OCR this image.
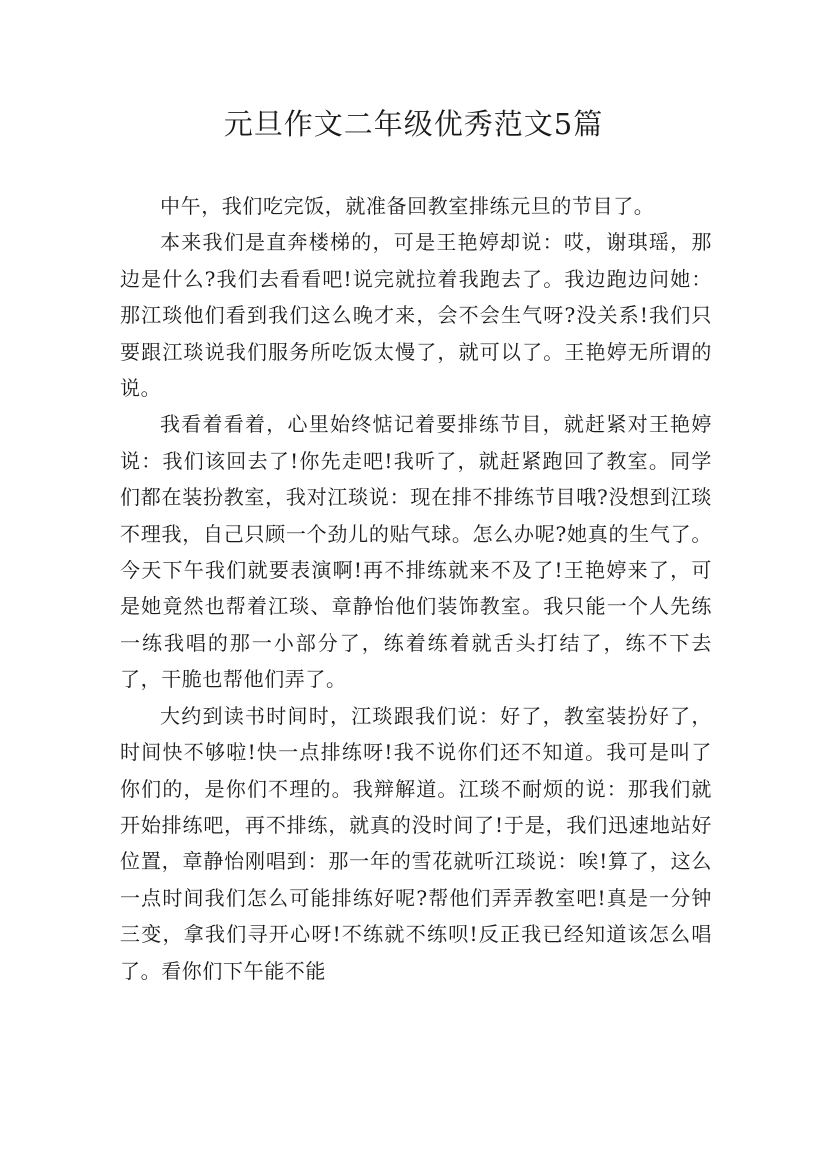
元旦作文二年级优秀范文5篇

中午，我们吃完饭，就准备回教室排练元旦的节目了。

本来我们是直奔楼梯的，可是王艳婷却说：哎，谢琪瑶，那边是什么?我们去看看吧!说完就拉着我跑去了。我边跑边问她：那江琰他们看到我们这么晚才来，会不会生气呀?没关系!我们只要跟江琰说我们服务所吃饭太慢了，就可以了。王艳婷无所谓的说。

我看着看着，心里始终惦记着要排练节目，就赶紧对王艳婷说：我们该回去了!你先走吧!我听了，就赶紧跑回了教室。同学们都在装扮教室，我对江琰说：现在排不排练节目哦?没想到江琰不理我，自己只顾一个劲儿的贴气球。怎么办呢?她真的生气了。今天下午我们就要表演啊!再不排练就来不及了!王艳婷来了，可是她竟然也帮着江琰、章静怡他们装饰教室。我只能一个人先练一练我唱的那一小部分了，练着练着就舌头打结了，练不下去了，干脆也帮他们弄了。

大约到读书时间时，江琰跟我们说：好了，教室装扮好了，时间快不够啦!快一点排练呀!我不说你们还不知道。我可是叫了你们的，是你们不理的。我辩解道。江琰不耐烦的说：那我们就开始排练吧，再不排练，就真的没时间了!于是，我们迅速地站好位置，章静怡刚唱到：那一年的雪花就听江琰说：唉!算了，这么一点时间我们怎么可能排练好呢?帮他们弄弄教室吧!真是一分钟三变，拿我们寻开心呀!不练就不练呗!反正我已经知道该怎么唱了。看你们下午能不能
